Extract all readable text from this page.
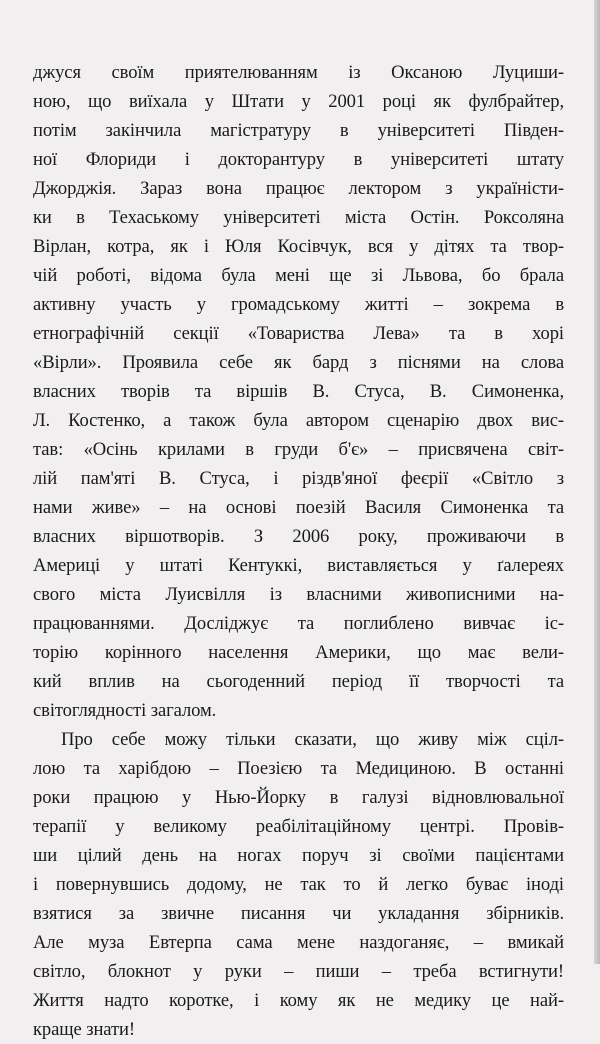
джуся своїм приятелюванням із Оксаною Луциши-
ною, що виїхала у Штати у 2001 році як фулбрайтер,
потім закінчила магістратуру в університеті Півден-
ної Флориди і докторантуру в університеті штату
Джорджія. Зараз вона працює лектором з україністи-
ки в Техаському університеті міста Остін. Роксоляна
Вірлан, котра, як і Юля Косівчук, вся у дітях та твор-
чій роботі, відома була мені ще зі Львова, бо брала
активну участь у громадському житті – зокрема в
етнографічній секції «Товариства Лева» та в хорі
«Вірли». Проявила себе як бард з піснями на слова
власних творів та віршів В. Стуса, В. Симоненка,
Л. Костенко, а також була автором сценарію двох вис-
тав: «Осінь крилами в груди б'є» – присвячена світ-
лій пам'яті В. Стуса, і різдв'яної феєрії «Світло з
нами живе» – на основі поезій Василя Симоненка та
власних віршотворів. З 2006 року, проживаючи в
Америці у штаті Кентуккі, виставляється у ґалереях
свого міста Луисвілля із власними живописними на-
працюваннями. Досліджує та поглиблено вивчає іс-
торію корінного населення Америки, що має вели-
кий вплив на сьогоденний період її творчості та
світоглядності загалом.
Про себе можу тільки сказати, що живу між сціл-
лою та харібдою – Поезією та Медициною. В останні
роки працюю у Нью-Йорку в галузі відновлювальної
терапії у великому реабілітаційному центрі. Провів-
ши цілий день на ногах поруч зі своїми пацієнтами
і повернувшись додому, не так то й легко буває іноді
взятися за звичне писання чи укладання збірників.
Але муза Евтерпа сама мене наздоганяє, – вмикай
світло, блокнот у руки – пиши – треба встигнути!
Життя надто коротке, і кому як не медику це най-
краще знати!
